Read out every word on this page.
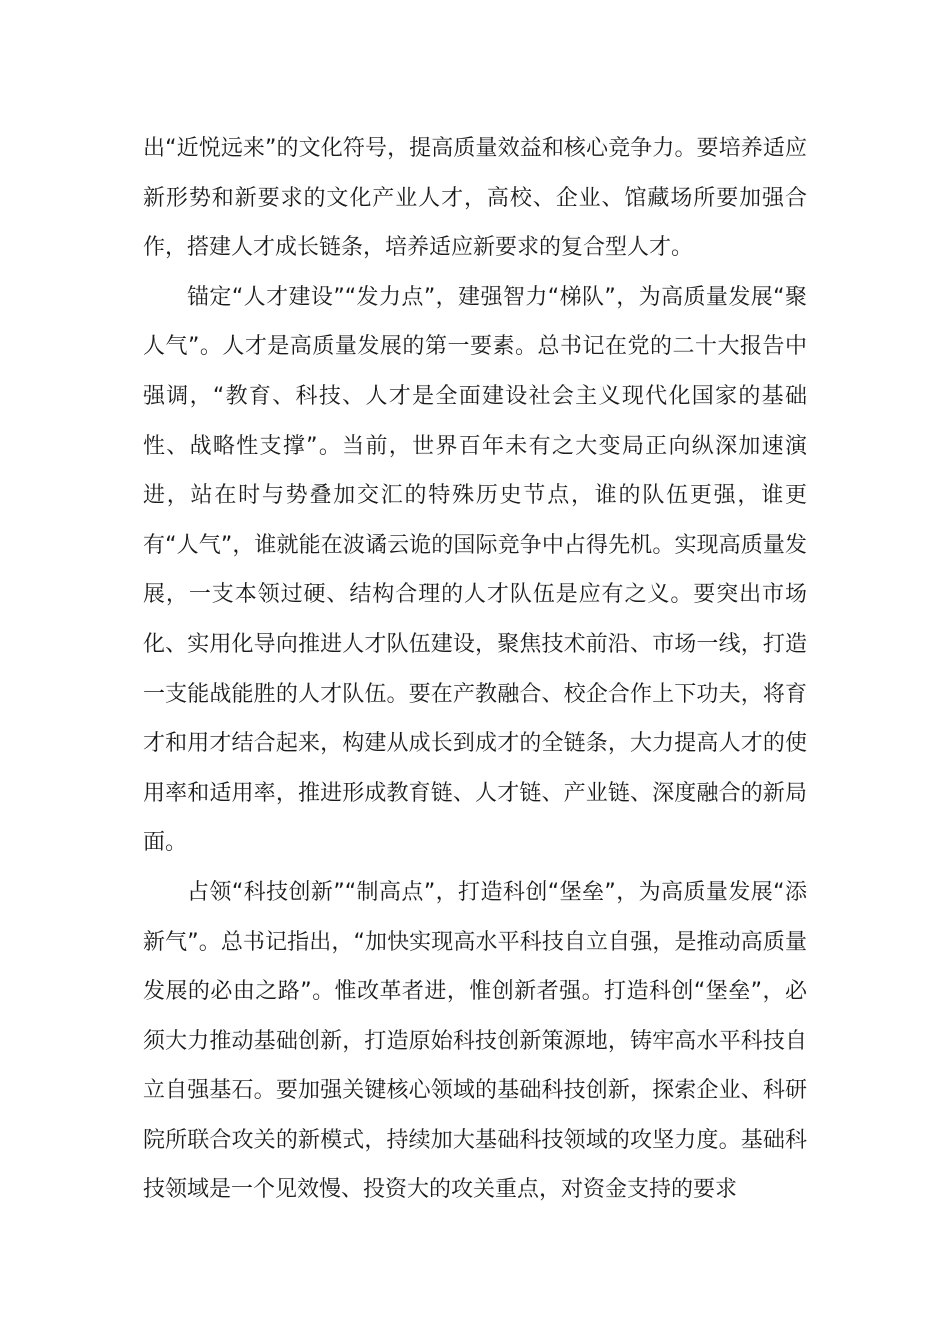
出“近悦远来”的文化符号，提高质量效益和核心竞争力。要培养适应新形势和新要求的文化产业人才，高校、企业、馆藏场所要加强合作，搭建人才成长链条，培养适应新要求的复合型人才。

锚定“人才建设”“发力点”，建强智力“梯队”，为高质量发展“聚人气”。人才是高质量发展的第一要素。总书记在党的二十大报告中强调，“教育、科技、人才是全面建设社会主义现代化国家的基础性、战略性支撑”。当前，世界百年未有之大变局正向纵深加速演进，站在时与势叠加交汇的特殊历史节点，谁的队伍更强，谁更有“人气”，谁就能在波谲云诡的国际竞争中占得先机。实现高质量发展，一支本领过硬、结构合理的人才队伍是应有之义。要突出市场化、实用化导向推进人才队伍建设，聚焦技术前沿、市场一线，打造一支能战能胜的人才队伍。要在产教融合、校企合作上下功夫，将育才和用才结合起来，构建从成长到成才的全链条，大力提高人才的使用率和适用率，推进形成教育链、人才链、产业链、深度融合的新局面。

占领“科技创新”“制高点”，打造科创“堡垒”，为高质量发展“添新气”。总书记指出，“加快实现高水平科技自立自强，是推动高质量发展的必由之路”。惟改革者进，惟创新者强。打造科创“堡垒”，必须大力推动基础创新，打造原始科技创新策源地，铸牢高水平科技自立自强基石。要加强关键核心领域的基础科技创新，探索企业、科研院所联合攻关的新模式，持续加大基础科技领域的攻坚力度。基础科技领域是一个见效慢、投资大的攻关重点，对资金支持的要求
